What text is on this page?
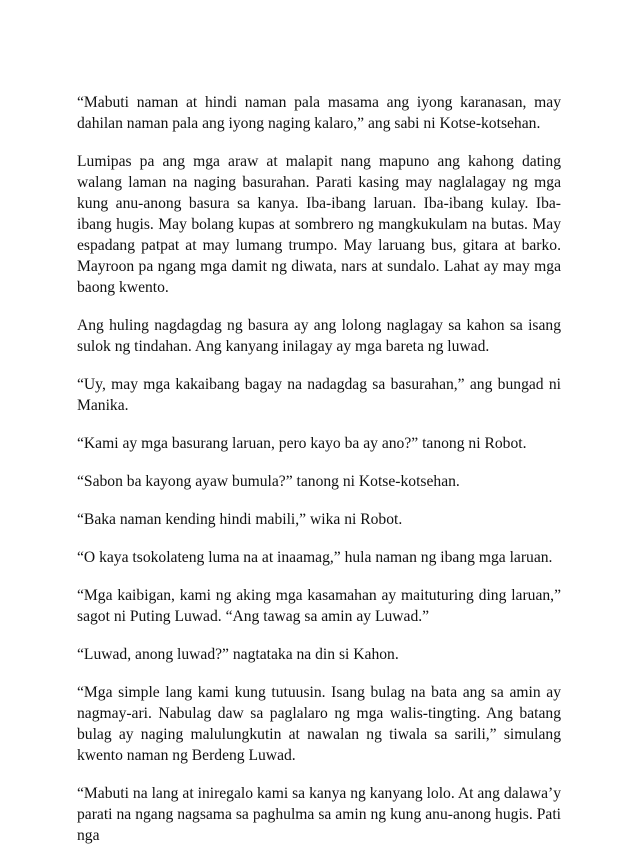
“Mabuti naman at hindi naman pala masama ang iyong karanasan, may dahilan naman pala ang iyong naging kalaro,” ang sabi ni Kotse-kotsehan.

Lumipas pa ang mga araw at malapit nang mapuno ang kahong dating walang laman na naging basurahan. Parati kasing may naglalagay ng mga kung anu-anong basura sa kanya. Iba-ibang laruan. Iba-ibang kulay. Iba-ibang hugis. May bolang kupas at sombrero ng mangkukulam na butas. May espadang patpat at may lumang trumpo. May laruang bus, gitara at barko. Mayroon pa ngang mga damit ng diwata, nars at sundalo. Lahat ay may mga baong kwento.

Ang huling nagdagdag ng basura ay ang lolong naglagay sa kahon sa isang sulok ng tindahan. Ang kanyang inilagay ay mga bareta ng luwad.

“Uy, may mga kakaibang bagay na nadagdag sa basurahan,” ang bungad ni Manika.

“Kami ay mga basurang laruan, pero kayo ba ay ano?” tanong ni Robot.

“Sabon ba kayong ayaw bumula?” tanong ni Kotse-kotsehan.

“Baka naman kending hindi mabili,” wika ni Robot.

“O kaya tsokolateng luma na at inaamag,” hula naman ng ibang mga laruan.

“Mga kaibigan, kami ng aking mga kasamahan ay maituturing ding laruan,” sagot ni Puting Luwad. “Ang tawag sa amin ay Luwad.”

“Luwad, anong luwad?” nagtataka na din si Kahon.

“Mga simple lang kami kung tutuusin. Isang bulag na bata ang sa amin ay nagmay-ari. Nabulag daw sa paglalaro ng mga walis-tingting. Ang batang bulag ay naging malulungkutin at nawalan ng tiwala sa sarili,” simulang kwento naman ng Berdeng Luwad.

“Mabuti na lang at iniregalo kami sa kanya ng kanyang lolo. At ang dalawa’y parati na ngang nagsama sa paghulma sa amin ng kung anu-anong hugis. Pati nga
